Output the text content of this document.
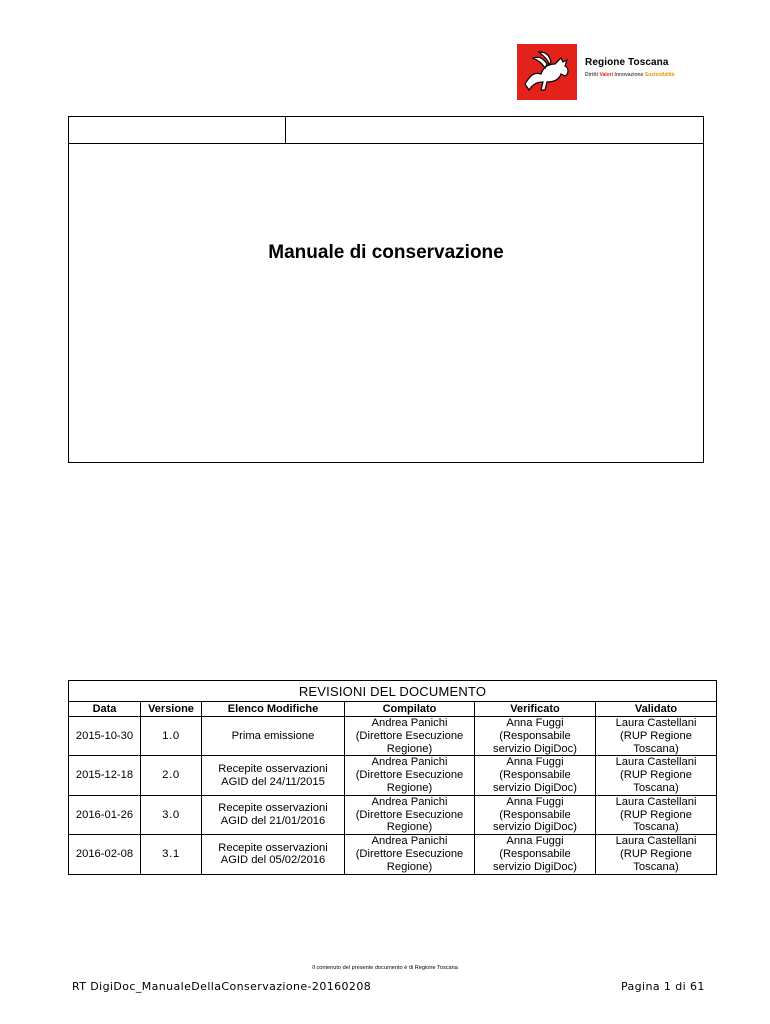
Regione Toscana
Diritti Valori Innovazione Sostenibilità
Manuale di conservazione
REVISIONI DEL DOCUMENTO					
Data	Versione	Elenco Modifiche	Compilato	Verificato	Validato
2015-10-30	1.0	Prima emissione	Andrea Panichi
(Direttore Esecuzione
Regione)	Anna Fuggi
(Responsabile
servizio DigiDoc)	Laura Castellani
(RUP Regione
Toscana)

2015-12-18	2.0	Recepite osservazioni
AGID del 24/11/2015	Andrea Panichi
(Direttore Esecuzione
Regione)	Anna Fuggi
(Responsabile
servizio DigiDoc)	Laura Castellani
(RUP Regione
Toscana)

2016-01-26	3.0	Recepite osservazioni
AGID del 21/01/2016	Andrea Panichi
(Direttore Esecuzione
Regione)	Anna Fuggi
(Responsabile
servizio DigiDoc)	Laura Castellani
(RUP Regione
Toscana)

2016-02-08	3.1	Recepite osservazioni
AGID del 05/02/2016	Andrea Panichi
(Direttore Esecuzione
Regione)	Anna Fuggi
(Responsabile
servizio DigiDoc)	Laura Castellani
(RUP Regione
Toscana)
Il contenuto del presente documento è di Regione Toscana
RT DigiDoc_ManualeDellaConservazione-20160208	Pagina 1 di 61
